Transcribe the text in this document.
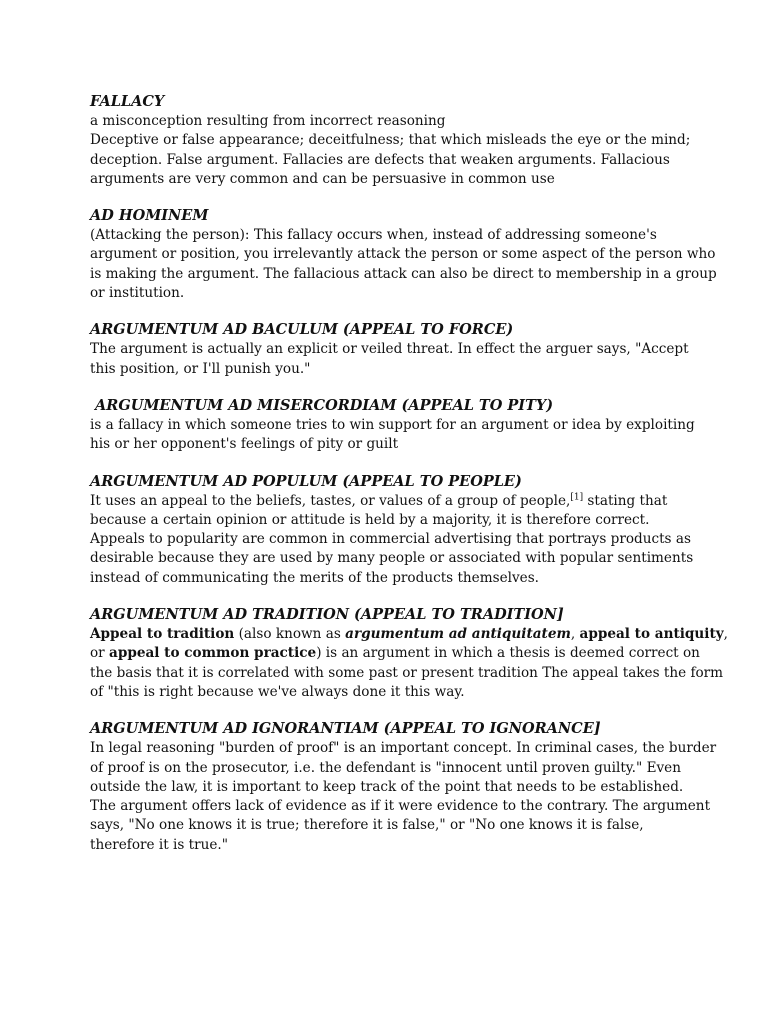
FALLACY

a misconception resulting from incorrect reasoning
Deceptive or false appearance; deceitfulness; that which misleads the eye or the mind;
deception. False argument. Fallacies are defects that weaken arguments. Fallacious
arguments are very common and can be persuasive in common use

AD HOMINEM

(Attacking the person): This fallacy occurs when, instead of addressing someone's
argument or position, you irrelevantly attack the person or some aspect of the person who
is making the argument. The fallacious attack can also be direct to membership in a group
or institution.

ARGUMENTUM AD BACULUM (APPEAL TO FORCE)

The argument is actually an explicit or veiled threat. In effect the arguer says, "Accept
this position, or I'll punish you."

ARGUMENTUM AD MISERCORDIAM (APPEAL TO PITY)

is a fallacy in which someone tries to win support for an argument or idea by exploiting
his or her opponent's feelings of pity or guilt

ARGUMENTUM AD POPULUM (APPEAL TO PEOPLE)

It uses an appeal to the beliefs, tastes, or values of a group of people,[1] stating that
because a certain opinion or attitude is held by a majority, it is therefore correct.
Appeals to popularity are common in commercial advertising that portrays products as
desirable because they are used by many people or associated with popular sentiments
instead of communicating the merits of the products themselves.

ARGUMENTUM AD TRADITION (APPEAL TO TRADITION]

Appeal to tradition (also known as argumentum ad antiquitatem, appeal to antiquity,
or appeal to common practice) is an argument in which a thesis is deemed correct on
the basis that it is correlated with some past or present tradition The appeal takes the form
of "this is right because we've always done it this way.

ARGUMENTUM AD IGNORANTIAM (APPEAL TO IGNORANCE]

In legal reasoning "burden of proof" is an important concept. In criminal cases, the burder
of proof is on the prosecutor, i.e. the defendant is "innocent until proven guilty." Even
outside the law, it is important to keep track of the point that needs to be established.
The argument offers lack of evidence as if it were evidence to the contrary. The argument
says, "No one knows it is true; therefore it is false," or "No one knows it is false,
therefore it is true."
